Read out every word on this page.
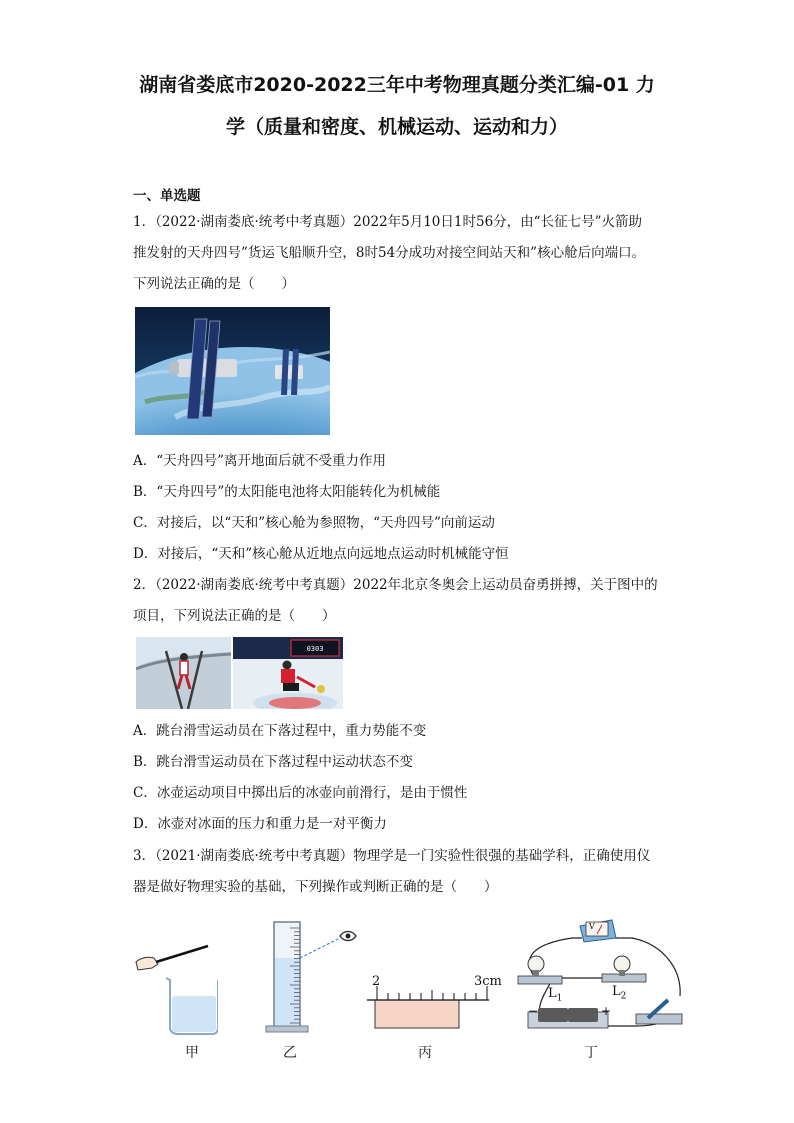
湖南省娄底市2020-2022三年中考物理真题分类汇编-01 力
学（质量和密度、机械运动、运动和力）
一、单选题
1．（2022·湖南娄底·统考中考真题）2022年5月10日1时56分，由“长征七号”火箭助
推发射的天舟四号”货运飞船顺升空，8时54分成功对接空间站天和”核心舱后向端口。
下列说法正确的是（　　）
A．“天舟四号”离开地面后就不受重力作用
B．“天舟四号”的太阳能电池将太阳能转化为机械能
C．对接后，以“天和”核心舱为参照物，“天舟四号”向前运动
D．对接后，“天和”核心舱从近地点向远地点运动时机械能守恒
2．（2022·湖南娄底·统考中考真题）2022年北京冬奥会上运动员奋勇拼搏，关于图中的
项目，下列说法正确的是（　　）
0303
A．跳台滑雪运动员在下落过程中，重力势能不变
B．跳台滑雪运动员在下落过程中运动状态不变
C．冰壶运动项目中掷出后的冰壶向前滑行，是由于惯性
D．冰壶对冰面的压力和重力是一对平衡力
3．（2021·湖南娄底·统考中考真题）物理学是一门实验性很强的基础学科，正确使用仪
器是做好物理实验的基础，下列操作或判断正确的是（　　）
2	3cm
V
$L_1$	$L_2$
−	+
甲	乙	丙	丁
